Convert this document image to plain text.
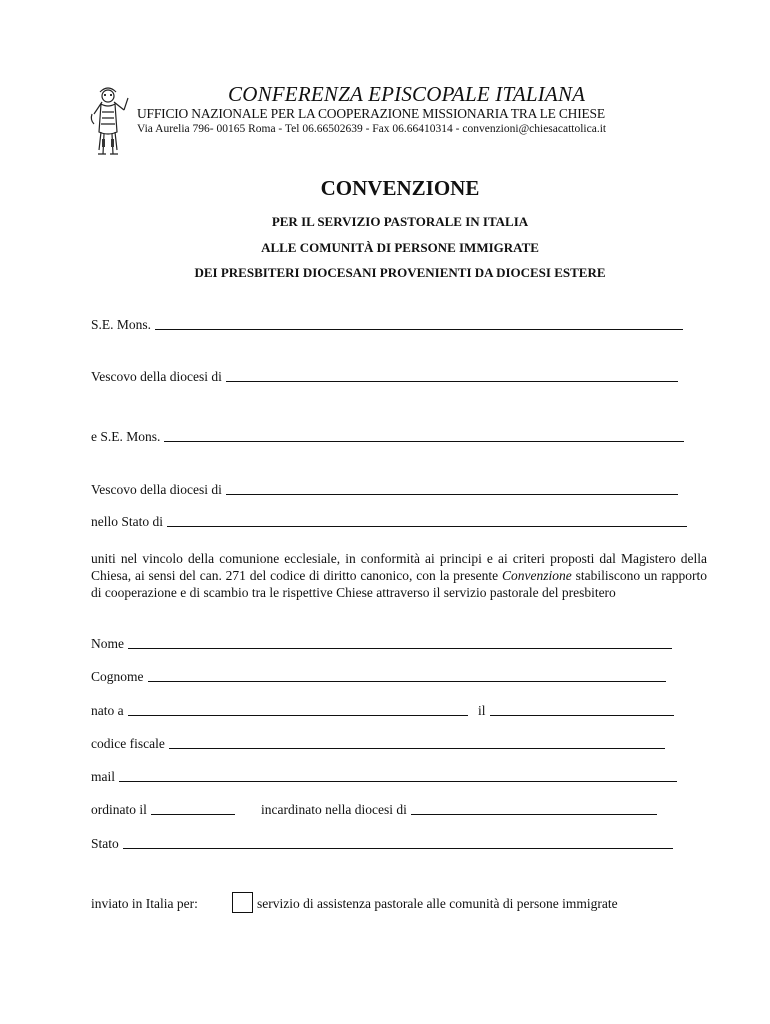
CONFERENZA EPISCOPALE ITALIANA
UFFICIO NAZIONALE PER LA COOPERAZIONE MISSIONARIA TRA LE CHIESE
Via Aurelia 796- 00165 Roma - Tel 06.66502639 - Fax 06.66410314 - convenzioni@chiesacattolica.it
CONVENZIONE
PER IL SERVIZIO PASTORALE IN ITALIA
ALLE COMUNITÀ DI PERSONE IMMIGRATE
DEI PRESBITERI DIOCESANI PROVENIENTI DA DIOCESI ESTERE
S.E. Mons.
Vescovo della diocesi di
e S.E. Mons.
Vescovo della diocesi di
nello Stato di
uniti nel vincolo della comunione ecclesiale, in conformità ai principi e ai criteri proposti dal Magistero della Chiesa, ai sensi del can. 271 del codice di diritto canonico, con la presente Convenzione stabiliscono un rapporto di cooperazione e di scambio tra le rispettive Chiese attraverso il servizio pastorale del presbitero
Nome
Cognome
nato a	il
codice fiscale
mail
ordinato il	incardinato nella diocesi di
Stato
inviato in Italia per:	servizio di assistenza pastorale alle comunità di persone immigrate
